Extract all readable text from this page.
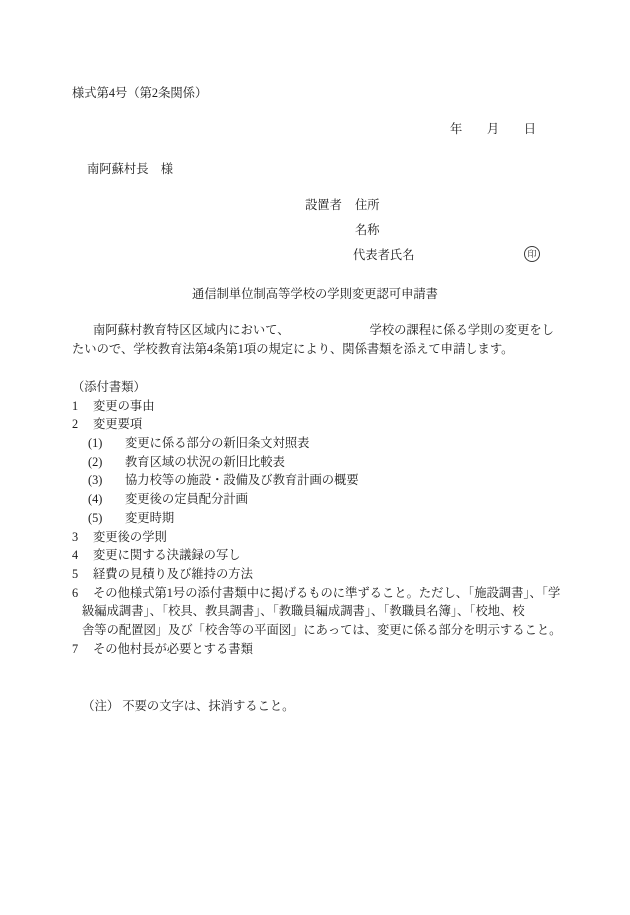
様式第4号（第2条関係）
年　　月　　日
南阿蘇村長　様
設置者 住所
名称
代表者氏名	印
通信制単位制高等学校の学則変更認可申請書
南阿蘇村教育特区区域内において、	学校の課程に係る学則の変更をし
たいので、学校教育法第4条第1項の規定により、関係書類を添えて申請します。
（添付書類）
1 変更の事由
2 変更要項
(1) 変更に係る部分の新旧条文対照表
(2) 教育区域の状況の新旧比較表
(3) 協力校等の施設・設備及び教育計画の概要
(4) 変更後の定員配分計画
(5) 変更時期
3 変更後の学則
4 変更に関する決議録の写し
5 経費の見積り及び維持の方法
6 その他様式第1号の添付書類中に掲げるものに準ずること。ただし、「施設調書」、「学
級編成調書」、「校具、教具調書」、「教職員編成調書」、「教職員名簿」、「校地、校
舎等の配置図」及び「校舎等の平面図」にあっては、変更に係る部分を明示すること。
7 その他村長が必要とする書類

（注） 不要の文字は、抹消すること。
